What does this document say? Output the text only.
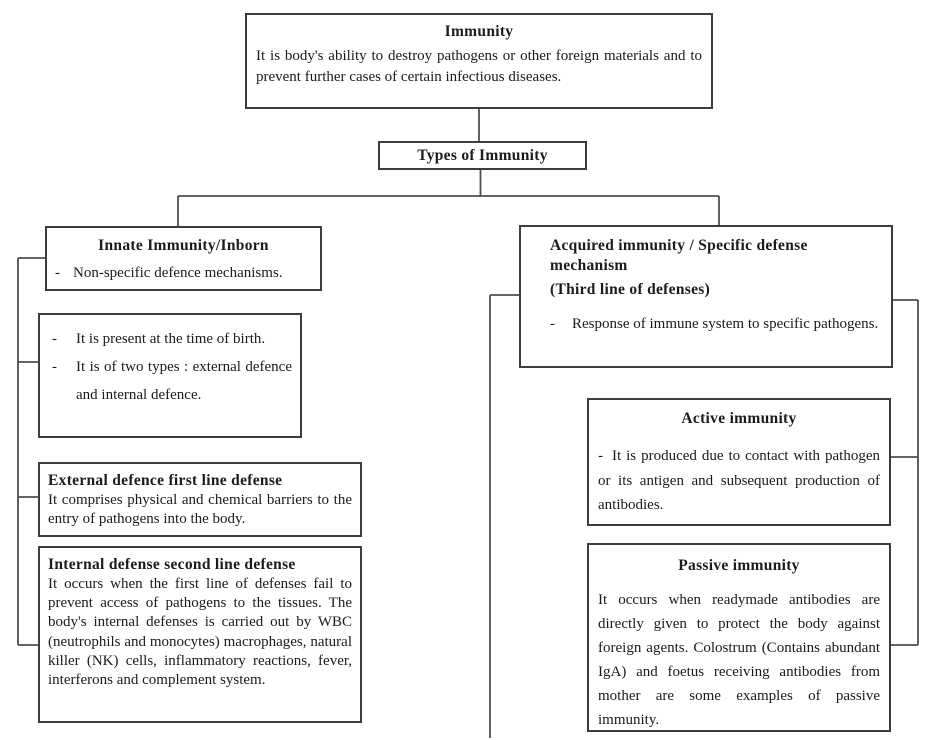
Immunity
It is body's ability to destroy pathogens or other foreign materials and to prevent further cases of certain infectious diseases.
Types of Immunity
Innate Immunity/Inborn
- Non-specific defence mechanisms.
-	It is present at the time of birth.
-	It is of two types : external defence and internal defence.
External defence first line defense
It comprises physical and chemical barriers to the entry of pathogens into the body.
Internal defense second line defense
It occurs when the first line of defenses fail to prevent access of pathogens to the tissues. The body's internal defenses is carried out by WBC (neutrophils and monocytes) macrophages, natural killer (NK) cells, inflammatory reactions, fever, interferons and complement system.
Acquired immunity / Specific defense mechanism
(Third line of defenses)
-	Response of immune system to specific pathogens.
Active immunity
- It is produced due to contact with pathogen or its antigen and subsequent production of antibodies.
Passive immunity
It occurs when readymade antibodies are directly given to protect the body against foreign agents. Colostrum (Contains abundant IgA) and foetus receiving antibodies from mother are some examples of passive immunity.
